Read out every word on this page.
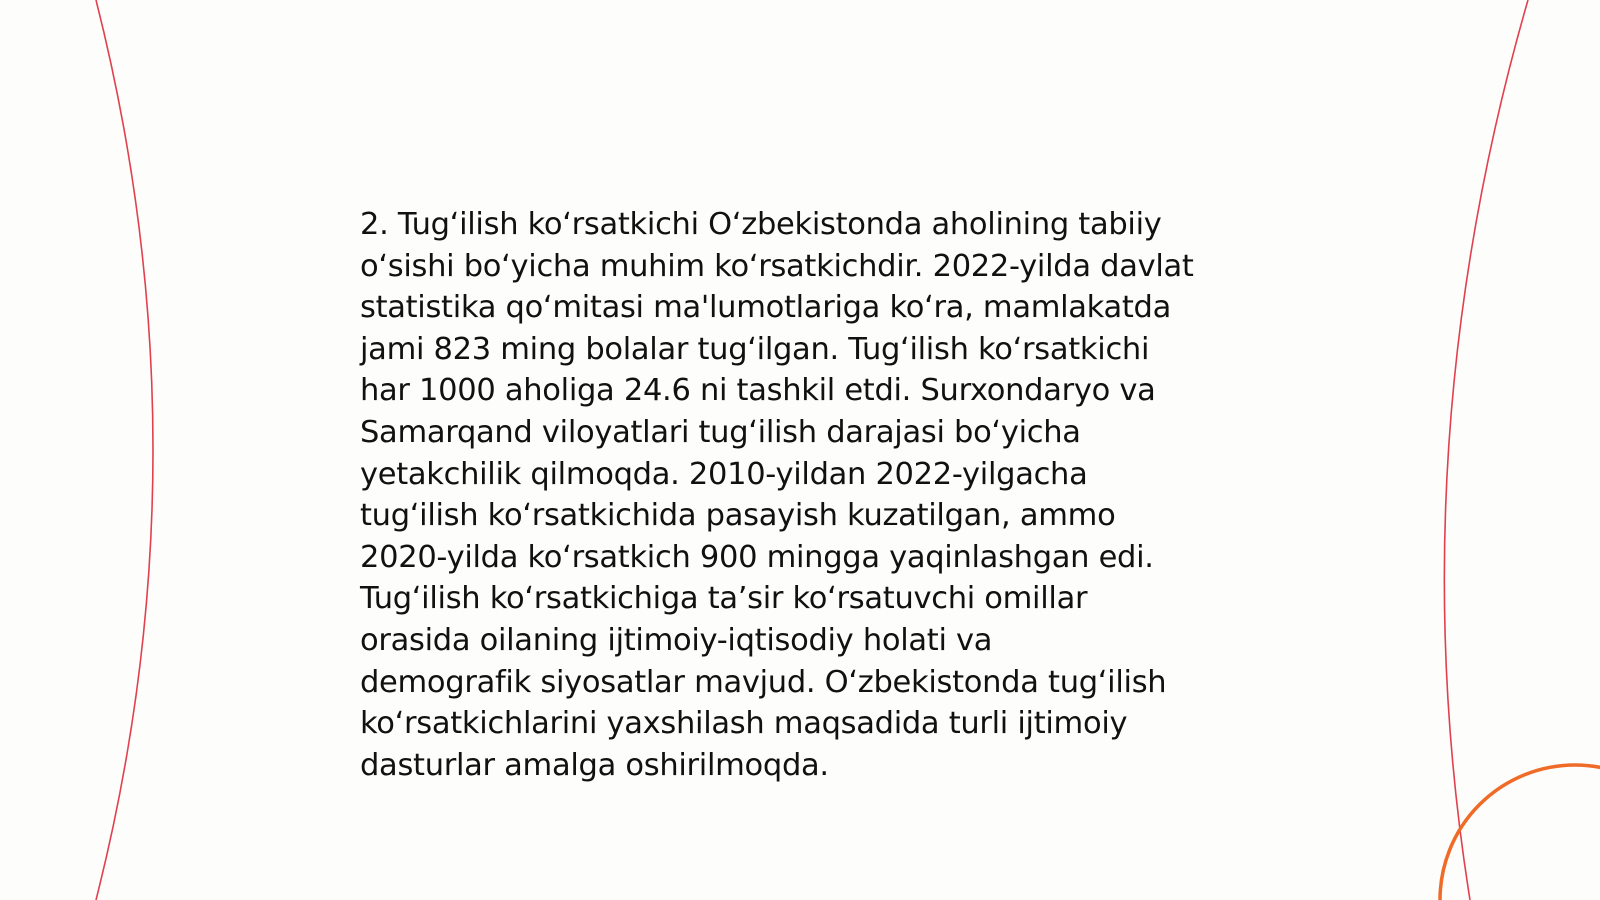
2. Tug‘ilish ko‘rsatkichi O‘zbekistonda aholining tabiiy
o‘sishi bo‘yicha muhim ko‘rsatkichdir. 2022-yilda davlat
statistika qo‘mitasi ma'lumotlariga ko‘ra, mamlakatda
jami 823 ming bolalar tug‘ilgan. Tug‘ilish ko‘rsatkichi
har 1000 aholiga 24.6 ni tashkil etdi. Surxondaryo va
Samarqand viloyatlari tug‘ilish darajasi bo‘yicha
yetakchilik qilmoqda. 2010-yildan 2022-yilgacha
tug‘ilish ko‘rsatkichida pasayish kuzatilgan, ammo
2020-yilda ko‘rsatkich 900 mingga yaqinlashgan edi.
Tug‘ilish ko‘rsatkichiga ta’sir ko‘rsatuvchi omillar
orasida oilaning ijtimoiy-iqtisodiy holati va
demografik siyosatlar mavjud. O‘zbekistonda tug‘ilish
ko‘rsatkichlarini yaxshilash maqsadida turli ijtimoiy
dasturlar amalga oshirilmoqda.
